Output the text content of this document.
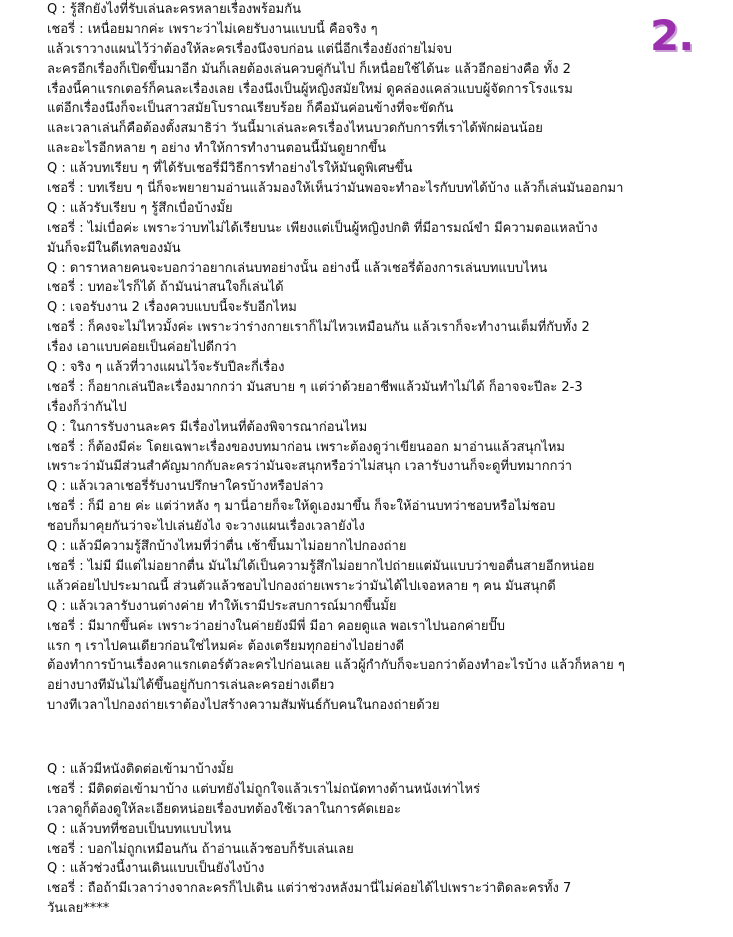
2.
Q : รู้สึกยังไงที่รับเล่นละครหลายเรื่องพร้อมกัน
เชอรี่ : เหนื่อยมากค่ะ เพราะว่าไม่เคยรับงานแบบนี้ คือจริง ๆ
แล้วเราวางแผนไว้ว่าต้องให้ละครเรื่องนึงจบก่อน แต่นี่อีกเรื่องยังถ่ายไม่จบ
ละครอีกเรื่องก็เปิดขึ้นมาอีก มันก็เลยต้องเล่นควบคู่กันไป ก็เหนื่อยใช้ได้นะ แล้วอีกอย่างคือ ทั้ง 2
เรื่องนี้คาแรกเตอร์ก็คนละเรื่องเลย เรื่องนึงเป็นผู้หญิงสมัยใหม่ ดูคล่องแคล่วแบบผู้จัดการโรงแรม
แต่อีกเรื่องนึงก็จะเป็นสาวสมัยโบราณเรียบร้อย ก็คือมันค่อนข้างที่จะขัดกัน
และเวลาเล่นก็คือต้องตั้งสมาธิว่า วันนี้มาเล่นละครเรื่องไหนบวดกับการที่เราได้พักผ่อนน้อย
และอะไรอีกหลาย ๆ อย่าง ทำให้การทำงานตอนนี้มันดูยากขึ้น
Q : แล้วบทเรียบ ๆ ที่ได้รับเชอรี่มีวิธีการทำอย่างไรให้มันดูพิเศษขึ้น
เชอรี่ : บทเรียบ ๆ นี่ก็จะพยายามอ่านแล้วมองให้เห็นว่ามันพอจะทำอะไรกับบทได้บ้าง แล้วก็เล่นมันออกมา
Q : แล้วรับเรียบ ๆ รู้สึกเบื่อบ้างมั้ย
เชอรี่ : ไม่เบื่อค่ะ เพราะว่าบทไม่ได้เรียบนะ เพียงแต่เป็นผู้หญิงปกติ ที่มีอารมณ์ขำ มีความตอแหลบ้าง
มันก็จะมีในดีเทลของมัน
Q : ดาราหลายคนจะบอกว่าอยากเล่นบทอย่างนั้น อย่างนี้ แล้วเชอรี่ต้องการเล่นบทแบบไหน
เชอรี่ : บทอะไรก็ได้ ถ้ามันน่าสนใจก็เล่นได้
Q : เจอรับงาน 2 เรื่องควบแบบนี้จะรับอีกไหม
เชอรี่ : ก็คงจะไม่ไหวมั้งค่ะ เพราะว่าร่างกายเราก็ไม่ไหวเหมือนกัน แล้วเราก็จะทำงานเต็มที่กับทั้ง 2
เรื่อง เอาแบบค่อยเป็นค่อยไปดีกว่า
Q : จริง ๆ แล้วที่วางแผนไว้จะรับปีละกี่เรื่อง
เชอรี่ : ก็อยากเล่นปีละเรื่องมากกว่า มันสบาย ๆ แต่ว่าด้วยอาชีพแล้วมันทำไม่ได้ ก็อาจจะปีละ 2-3
เรื่องก็ว่ากันไป
Q : ในการรับงานละคร มีเรื่องไหนที่ต้องพิจารณาก่อนไหม
เชอรี่ : ก็ต้องมีค่ะ โดยเฉพาะเรื่องของบทมาก่อน เพราะต้องดูว่าเขียนออก มาอ่านแล้วสนุกไหม
เพราะว่ามันมีส่วนสำคัญมากกับละครว่ามันจะสนุกหรือว่าไม่สนุก เวลารับงานก็จะดูที่บทมากกว่า
Q : แล้วเวลาเชอรี่รับงานปรึกษาใครบ้างหรือปล่าว
เชอรี่ : ก็มี อาย ค่ะ แต่ว่าหลัง ๆ มานี่อายก็จะให้ดูเองมาขึ้น ก็จะให้อ่านบทว่าชอบหรือไม่ชอบ
ชอบก็มาคุยกันว่าจะไปเล่นยังไง จะวางแผนเรื่องเวลายังไง
Q : แล้วมีความรู้สึกบ้างไหมที่ว่าตื่น เช้าขึ้นมาไม่อยากไปกองถ่าย
เชอรี่ : ไม่มี มีแต่ไม่อยากตื่น มันไม่ได้เป็นความรู้สึกไม่อยากไปถ่ายแต่มันแบบว่าขอตื่นสายอีกหน่อย
แล้วค่อยไปประมาณนี้ ส่วนตัวแล้วชอบไปกองถ่ายเพราะว่ามันได้ไปเจอหลาย ๆ คน มันสนุกดี
Q : แล้วเวลารับงานต่างค่าย ทำให้เรามีประสบการณ์มากขึ้นมั้ย
เชอรี่ : มีมากขึ้นค่ะ เพราะว่าอย่างในค่ายยังมีพี่ มีอา คอยดูแล พอเราไปนอกค่ายปั๊บ
แรก ๆ เราไปคนเดียวก่อนใช่ไหมค่ะ ต้องเตรียมทุกอย่างไปอย่างดี
ต้องทำการบ้านเรื่องคาแรกเตอร์ตัวละครไปก่อนเลย แล้วผู้กำกับก็จะบอกว่าต้องทำอะไรบ้าง แล้วก็หลาย ๆ
อย่างบางทีมันไม่ได้ขึ้นอยู่กับการเล่นละครอย่างเดียว
บางทีเวลาไปกองถ่ายเราต้องไปสร้างความสัมพันธ์กับคนในกองถ่ายด้วย
Q : แล้วมีหนังติดต่อเข้ามาบ้างมั้ย
เชอรี่ : มีติดต่อเข้ามาบ้าง แต่บทยังไม่ถูกใจแล้วเราไม่ถนัดทางด้านหนังเท่าไหร่
เวลาดูก็ต้องดูให้ละเอียดหน่อยเรื่องบทต้องใช้เวลาในการคัดเยอะ
Q : แล้วบทที่ชอบเป็นบทแบบไหน
เชอรี่ : บอกไม่ถูกเหมือนกัน ถ้าอ่านแล้วชอบก็รับเล่นเลย
Q : แล้วช่วงนี้งานเดินแบบเป็นยังไงบ้าง
เชอรี่ : ถือถ้ามีเวลาว่างจากละครก็ไปเดิน แต่ว่าช่วงหลังมานี่ไม่ค่อยได้ไปเพราะว่าติดละครทั้ง 7
วันเลย****
